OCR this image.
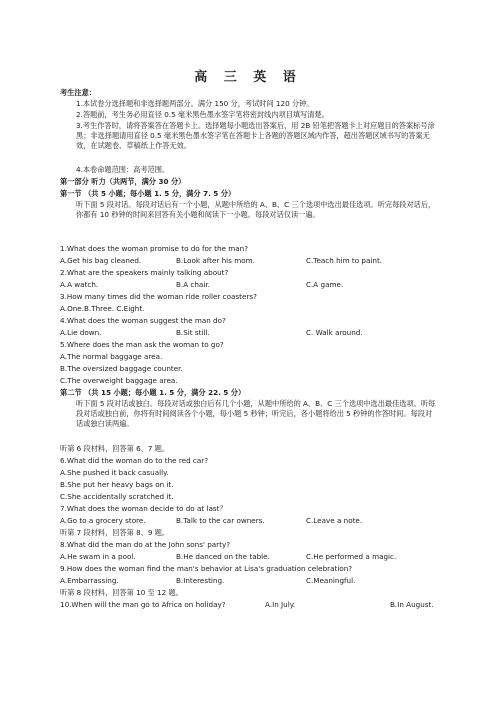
高 三 英 语
考生注意：
1.本试卷分选择题和非选择题两部分。满分 150 分，考试时间 120 分钟。
2.答题前，考生务必用直径 0.5 毫米黑色墨水签字笔将密封线内项目填写清楚。
3.考生作答时，请将答案答在答题卡上。选择题每小题选出答案后，用 2B 铅笔把答题卡上对应题目的答案标号涂黑；非选择题请用直径 0.5 毫米黑色墨水签字笔在答题卡上各题的答题区域内作答，超出答题区域书写的答案无效，在试题卷、草稿纸上作答无效。
4.本卷命题范围：高考范围。
第一部分 听力（共两节，满分 30 分）
第一节 （共 5 小题；每小题 1. 5 分，满分 7. 5 分）
听下面 5 段对话。每段对话后有一个小题，从题中所给的 A、B、C 三个选项中选出最佳选项。听完每段对话后，你都有 10 秒钟的时间来回答有关小题和阅读下一小题。每段对话仅读一遍。
1.What does the woman promise to do for the man?
A.Get his bag cleaned.	B.Look after his mom.	C.Teach him to paint.
2.What are the speakers mainly talking about?
A.A watch.	B.A chair.	C.A game.
3.How many times did the woman ride roller coasters?
A.One.B.Three. C.Eight.
4.What does the woman suggest the man do?
A.Lie down.	B.Sit still.	C. Walk around.
5.Where does the man ask the woman to go?
A.The normal baggage area.
B.The oversized baggage counter.
C.The overweight baggage area.
第二节 （共 15 小题；每小题 1. 5 分，满分 22. 5 分）
听下面 5 段对话或独白。每段对话或独白后有几个小题，从题中所给的 A、B、C 三个选项中选出最佳选项。听每段对话或独白前，你将有时间阅读各个小题，每小题 5 秒钟；听完后，各小题将给出 5 秒钟的作答时间。每段对话或独白读两遍。
听第 6 段材料，回答第 6、7 题。
6.What did the woman do to the red car?
A.She pushed it back casually.
B.She put her heavy bags on it.
C.She accidentally scratched it.
7.What does the woman decide to do at last？
A.Go to a grocery store.	B.Talk to the car owners.	C.Leave a note.
听第 7 段材料，回答第 8、9 题。
8.What did the man do at the John sons' party?
A.He swam in a pool.	B.He danced on the table.	C.He performed a magic.
9.How does the woman find the man's behavior at Lisa's graduation celebration?
A.Embarrassing.	B.Interesting.	C.Meaningful.
听第 8 段材料，回答第 10 至 12 题。
10.When will the man go to Africa on holiday?	A.In July.	B.In August.
